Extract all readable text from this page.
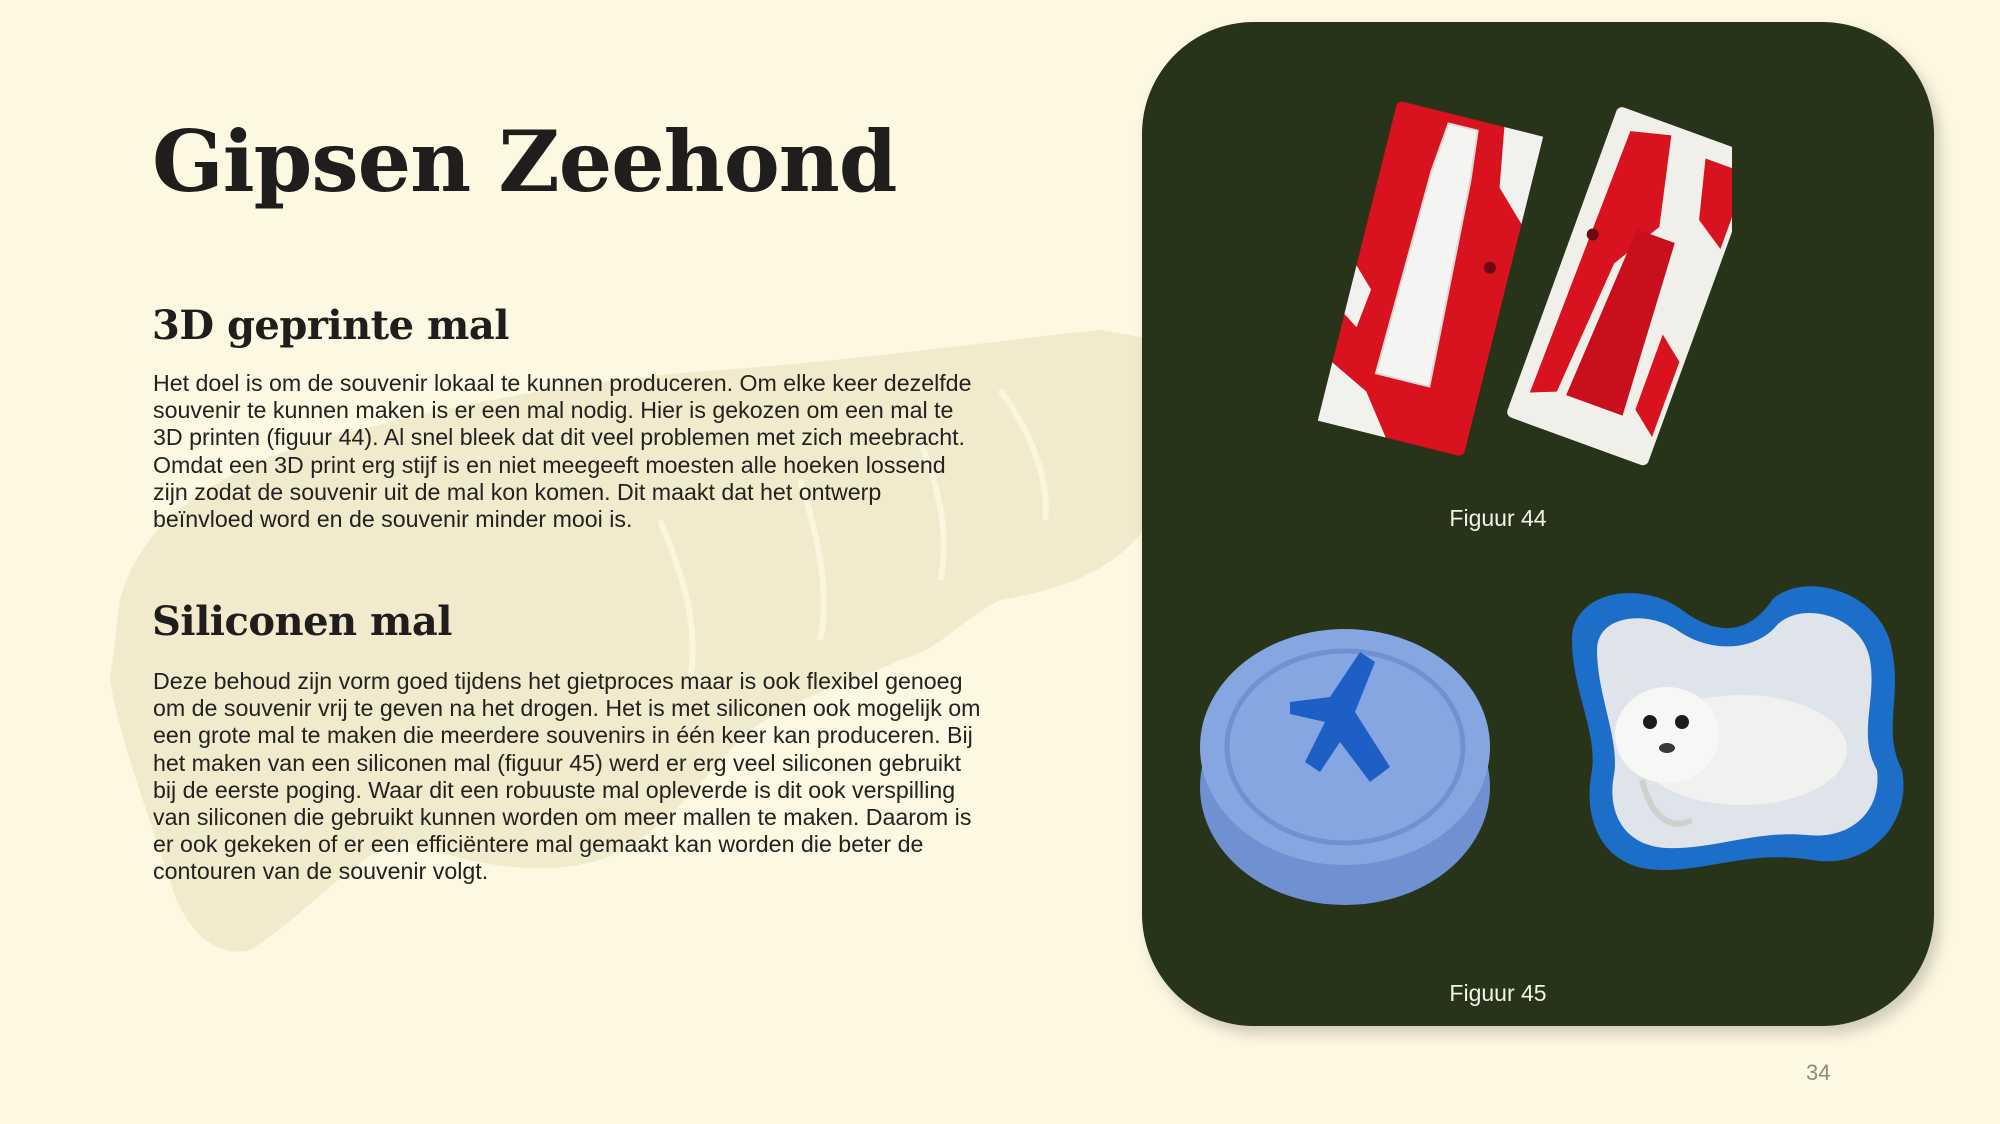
Gipsen Zeehond
3D geprinte mal

Het doel is om de souvenir lokaal te kunnen produceren. Om elke keer dezelfde souvenir te kunnen maken is er een mal nodig. Hier is gekozen om een mal te 3D printen (figuur 44). Al snel bleek dat dit veel problemen met zich meebracht. Omdat een 3D print erg stijf is en niet meegeeft moesten alle hoeken lossend zijn zodat de souvenir uit de mal kon komen. Dit maakt dat het ontwerp beïnvloed word en de souvenir minder mooi is.

Siliconen mal

Deze behoud zijn vorm goed tijdens het gietproces maar is ook flexibel genoeg om de souvenir vrij te geven na het drogen. Het is met siliconen ook mogelijk om een grote mal te maken die meerdere souvenirs in één keer kan produceren. Bij het maken van een siliconen mal (figuur 45) werd er erg veel siliconen gebruikt bij de eerste poging. Waar dit een robuuste mal opleverde is dit ook verspilling van siliconen die gebruikt kunnen worden om meer mallen te maken. Daarom is er ook gekeken of er een efficiëntere mal gemaakt kan worden die beter de contouren van de souvenir volgt.

Figuur 44
Figuur 45
34
